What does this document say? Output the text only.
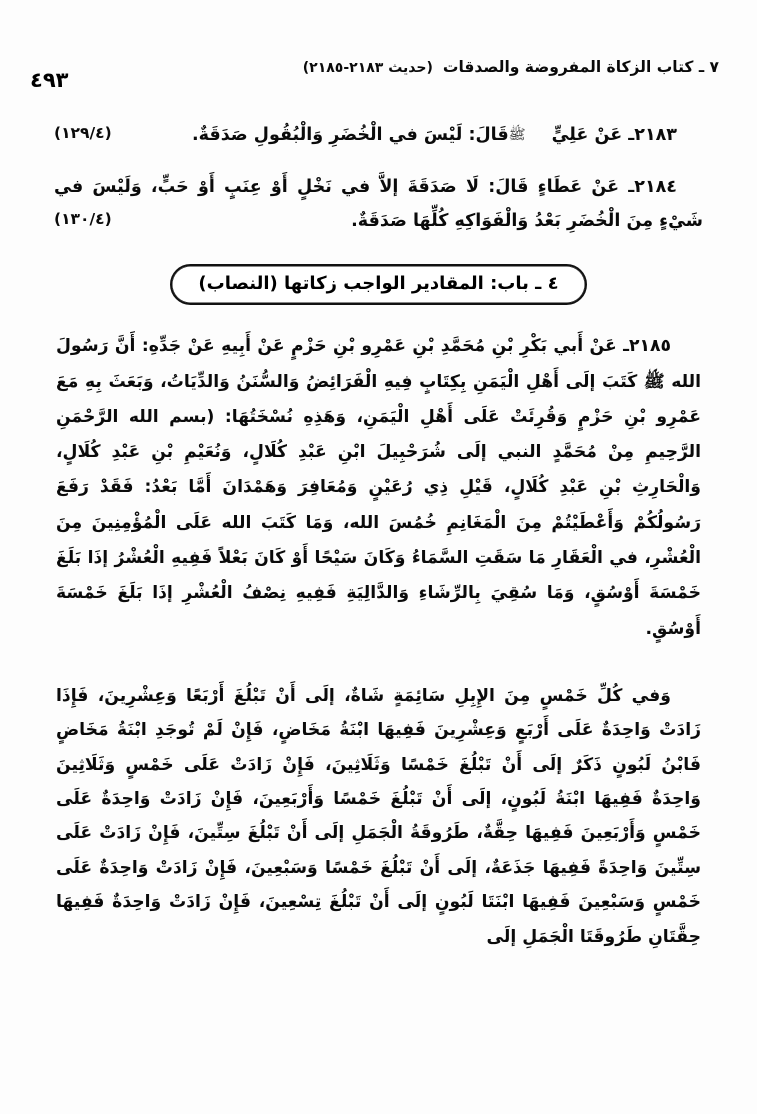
٧ ـ كتاب الزكاة المفروضة والصدقات
(حديث ٢١٨٣-٢١٨٥)
٤٩٣

٢١٨٣ـ عَنْ عَلِيٍّﷺقَالَ: لَيْسَ في الْخُضَرِ وَالْبُقُولِ صَدَقَةٌ.
(١٢٩/٤)

٢١٨٤ـ عَنْ عَطَاءٍ قَالَ: لَا صَدَقَةَ إلاَّ في نَخْلٍ أَوْ عِنَبٍ أَوْ حَبٍّ، وَلَيْسَ في شَيْءٍ مِنَ الْخُضَرِ بَعْدُ وَالْفَوَاكِهِ كُلِّهَا صَدَقَةٌ.
(١٣٠/٤)

٤ ـ باب: المقادير الواجب زكاتها (النصاب)

٢١٨٥ـ عَنْ أَبي بَكْرِ بْنِ مُحَمَّدِ بْنِ عَمْرِو بْنِ حَزْمٍ عَنْ أَبِيهِ عَنْ جَدِّهِ: أَنَّ رَسُولَ الله ﷺ كَتَبَ إلَى أَهْلِ الْيَمَنِ بِكِتَابٍ فِيهِ الْفَرَائِضُ وَالسُّنَنُ وَالدِّيَاتُ، وَبَعَثَ بِهِ مَعَ عَمْرِو بْنِ حَزْمٍ وَقُرِئَتْ عَلَى أَهْلِ الْيَمَنِ، وَهَذِهِ نُسْخَتُهَا: (بسم الله الرَّحْمَنِ الرَّحِيمِ مِنْ مُحَمَّدٍ النبي إلَى شُرَحْبِيلَ ابْنِ عَبْدِ كُلَالٍ، وَنُعَيْمِ بْنِ عَبْدِ كُلَالٍ، وَالْحَارِثِ بْنِ عَبْدِ كُلَالٍ، قَيْلِ ذِي رُعَيْنٍ وَمُعَافِرَ وَهَمْدَانَ أَمَّا بَعْدُ: فَقَدْ رَفَعَ رَسُولُكُمْ وَأَعْطَيْتُمْ مِنَ الْمَغَانِمِ خُمُسَ الله، وَمَا كَتَبَ الله عَلَى الْمُؤْمِنِينَ مِنَ الْعُشْرِ، في الْعَقَارِ مَا سَقَتِ السَّمَاءُ وَكَانَ سَيْحًا أَوْ كَانَ بَعْلاً فَفِيهِ الْعُشْرُ إذَا بَلَغَ خَمْسَةَ أَوْسُقٍ، وَمَا سُقِيَ بِالرِّشَاءِ وَالدَّالِيَةِ فَفِيهِ نِصْفُ الْعُشْرِ إذَا بَلَغَ خَمْسَةَ أَوْسُقٍ.

وَفي كُلِّ خَمْسٍ مِنَ الإِبِلِ سَائِمَةٍ شَاةٌ، إلَى أَنْ تَبْلُغَ أَرْبَعًا وَعِشْرِينَ، فَإِذَا زَادَتْ وَاحِدَةٌ عَلَى أَرْبَعٍ وَعِشْرِينَ فَفِيهَا ابْنَةُ مَخَاضٍ، فَإِنْ لَمْ تُوجَدِ ابْنَةُ مَخَاضٍ فَابْنُ لَبُونٍ ذَكَرٌ إلَى أَنْ تَبْلُغَ خَمْسًا وَثَلَاثِينَ، فَإِنْ زَادَتْ عَلَى خَمْسٍ وَثَلَاثِينَ وَاحِدَةٌ فَفِيهَا ابْنَةُ لَبُونٍ، إلَى أَنْ تَبْلُغَ خَمْسًا وَأَرْبَعِينَ، فَإِنْ زَادَتْ وَاحِدَةٌ عَلَى خَمْسٍ وَأَرْبَعِينَ فَفِيهَا حِقَّةٌ، طَرُوقَةُ الْجَمَلِ إلَى أَنْ تَبْلُغَ سِتِّينَ، فَإِنْ زَادَتْ عَلَى سِتِّينَ وَاحِدَةً فَفِيهَا جَذَعَةٌ، إلَى أَنْ تَبْلُغَ خَمْسًا وَسَبْعِينَ، فَإِنْ زَادَتْ وَاحِدَةٌ عَلَى خَمْسٍ وَسَبْعِينَ فَفِيهَا ابْنَتَا لَبُونٍ إلَى أَنْ تَبْلُغَ تِسْعِينَ، فَإِنْ زَادَتْ وَاحِدَةٌ فَفِيهَا حِقَّتَانِ طَرُوقَتَا الْجَمَلِ إلَى
